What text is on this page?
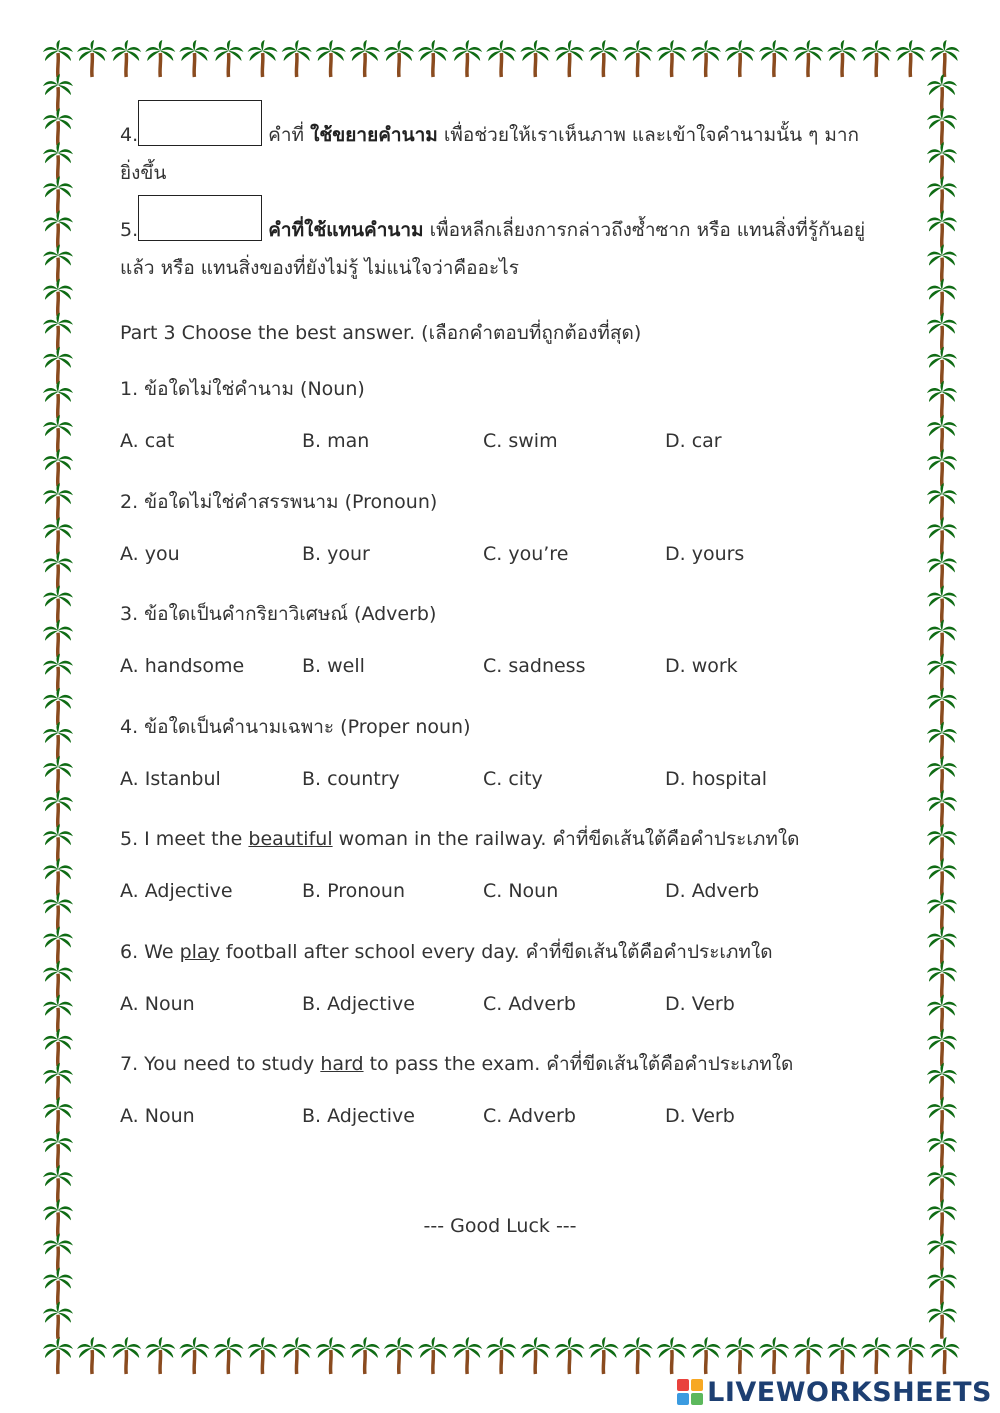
4.	คำที่ ใช้ขยายคำนาม เพื่อช่วยให้เราเห็นภาพ และเข้าใจคำนามนั้น ๆ มาก
ยิ่งขึ้น
5.	คำที่ใช้แทนคำนาม เพื่อหลีกเลี่ยงการกล่าวถึงซ้ำซาก หรือ แทนสิ่งที่รู้กันอยู่
แล้ว หรือ แทนสิ่งของที่ยังไม่รู้ ไม่แน่ใจว่าคืออะไร
Part 3 Choose the best answer. (เลือกคำตอบที่ถูกต้องที่สุด)
1. ข้อใดไม่ใช่คำนาม (Noun)
A. cat	B. man	C. swim	D. car
2. ข้อใดไม่ใช่คำสรรพนาม (Pronoun)
A. you	B. your	C. you’re	D. yours
3. ข้อใดเป็นคำกริยาวิเศษณ์ (Adverb)
A. handsome	B. well	C. sadness	D. work
4. ข้อใดเป็นคำนามเฉพาะ (Proper noun)
A. Istanbul	B. country	C. city	D. hospital
5. I meet the beautiful woman in the railway. คำที่ขีดเส้นใต้คือคำประเภทใด
A. Adjective	B. Pronoun	C. Noun	D. Adverb
6. We play football after school every day. คำที่ขีดเส้นใต้คือคำประเภทใด
A. Noun	B. Adjective	C. Adverb	D. Verb
7. You need to study hard to pass the exam. คำที่ขีดเส้นใต้คือคำประเภทใด
A. Noun	B. Adjective	C. Adverb	D. Verb
--- Good Luck ---
LIVEWORKSHEETS
